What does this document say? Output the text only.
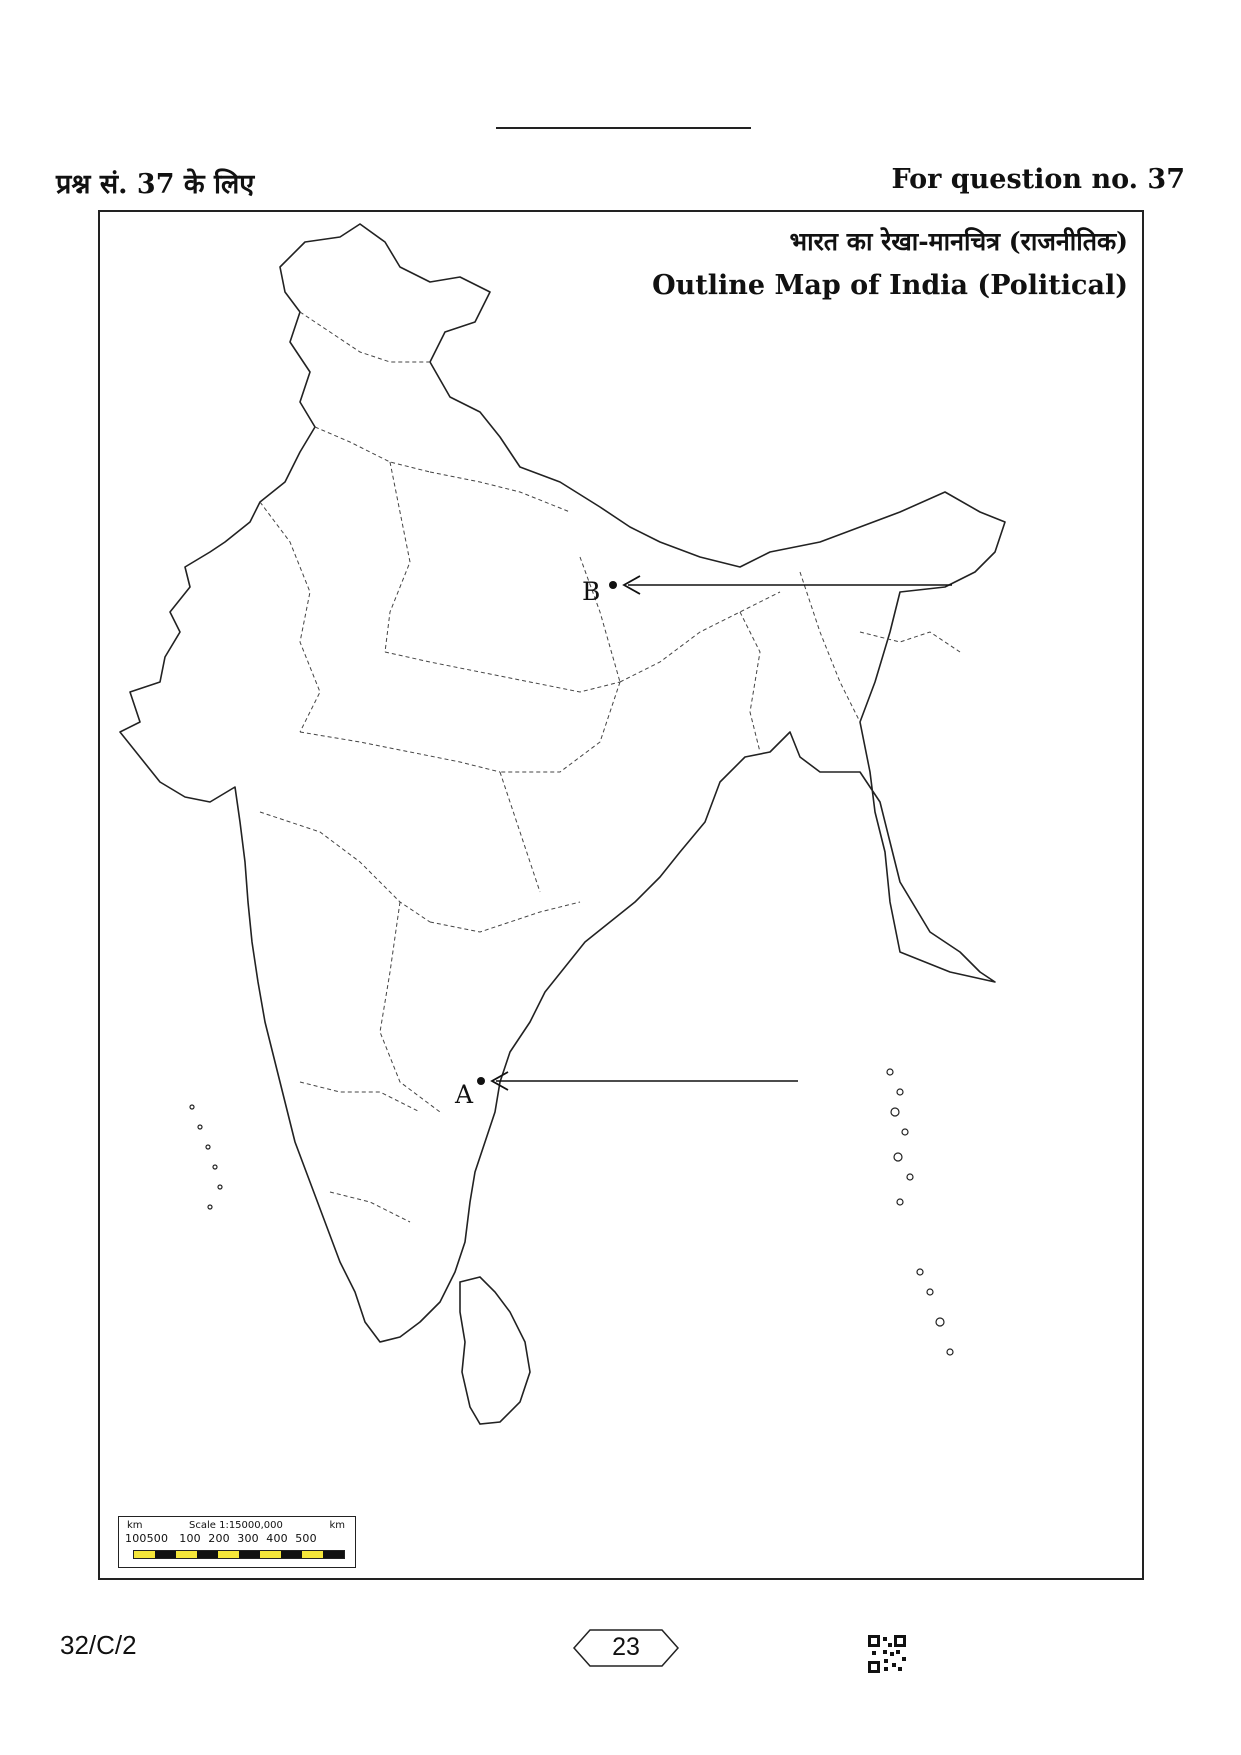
प्रश्न सं. 37 के लिए	For question no. 37
भारत का रेखा-मानचित्र (राजनीतिक)
Outline Map of India (Political)
B
A
km	Scale 1:15000,000	km
100500   100  200  300  400  500
32/C/2	23
